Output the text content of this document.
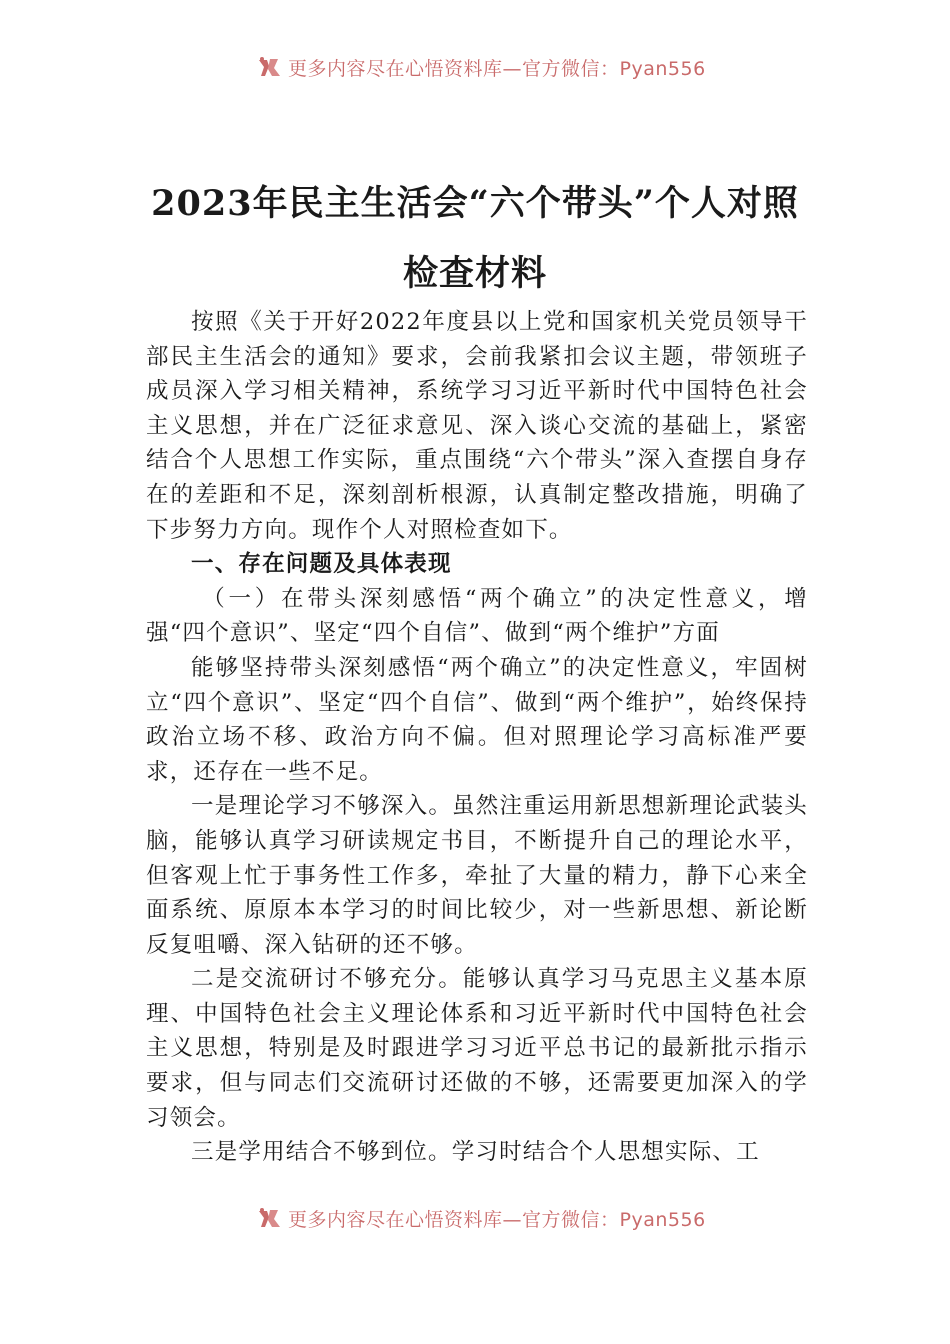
更多内容尽在心悟资料库—官方微信：Pyan556
2023年民主生活会“六个带头”个人对照
检查材料

按照《关于开好2022年度县以上党和国家机关党员领导干部民主生活会的通知》要求，会前我紧扣会议主题，带领班子成员深入学习相关精神，系统学习习近平新时代中国特色社会主义思想，并在广泛征求意见、深入谈心交流的基础上，紧密结合个人思想工作实际，重点围绕“六个带头”深入查摆自身存在的差距和不足，深刻剖析根源，认真制定整改措施，明确了下步努力方向。现作个人对照检查如下。

一、存在问题及具体表现

（一）在带头深刻感悟“两个确立”的决定性意义，增强“四个意识”、坚定“四个自信”、做到“两个维护”方面

能够坚持带头深刻感悟“两个确立”的决定性意义，牢固树立“四个意识”、坚定“四个自信”、做到“两个维护”，始终保持政治立场不移、政治方向不偏。但对照理论学习高标准严要求，还存在一些不足。

一是理论学习不够深入。虽然注重运用新思想新理论武装头脑，能够认真学习研读规定书目，不断提升自己的理论水平，但客观上忙于事务性工作多，牵扯了大量的精力，静下心来全面系统、原原本本学习的时间比较少，对一些新思想、新论断反复咀嚼、深入钻研的还不够。

二是交流研讨不够充分。能够认真学习马克思主义基本原理、中国特色社会主义理论体系和习近平新时代中国特色社会主义思想，特别是及时跟进学习习近平总书记的最新批示指示要求，但与同志们交流研讨还做的不够，还需要更加深入的学习领会。

三是学用结合不够到位。学习时结合个人思想实际、工

更多内容尽在心悟资料库—官方微信：Pyan556
